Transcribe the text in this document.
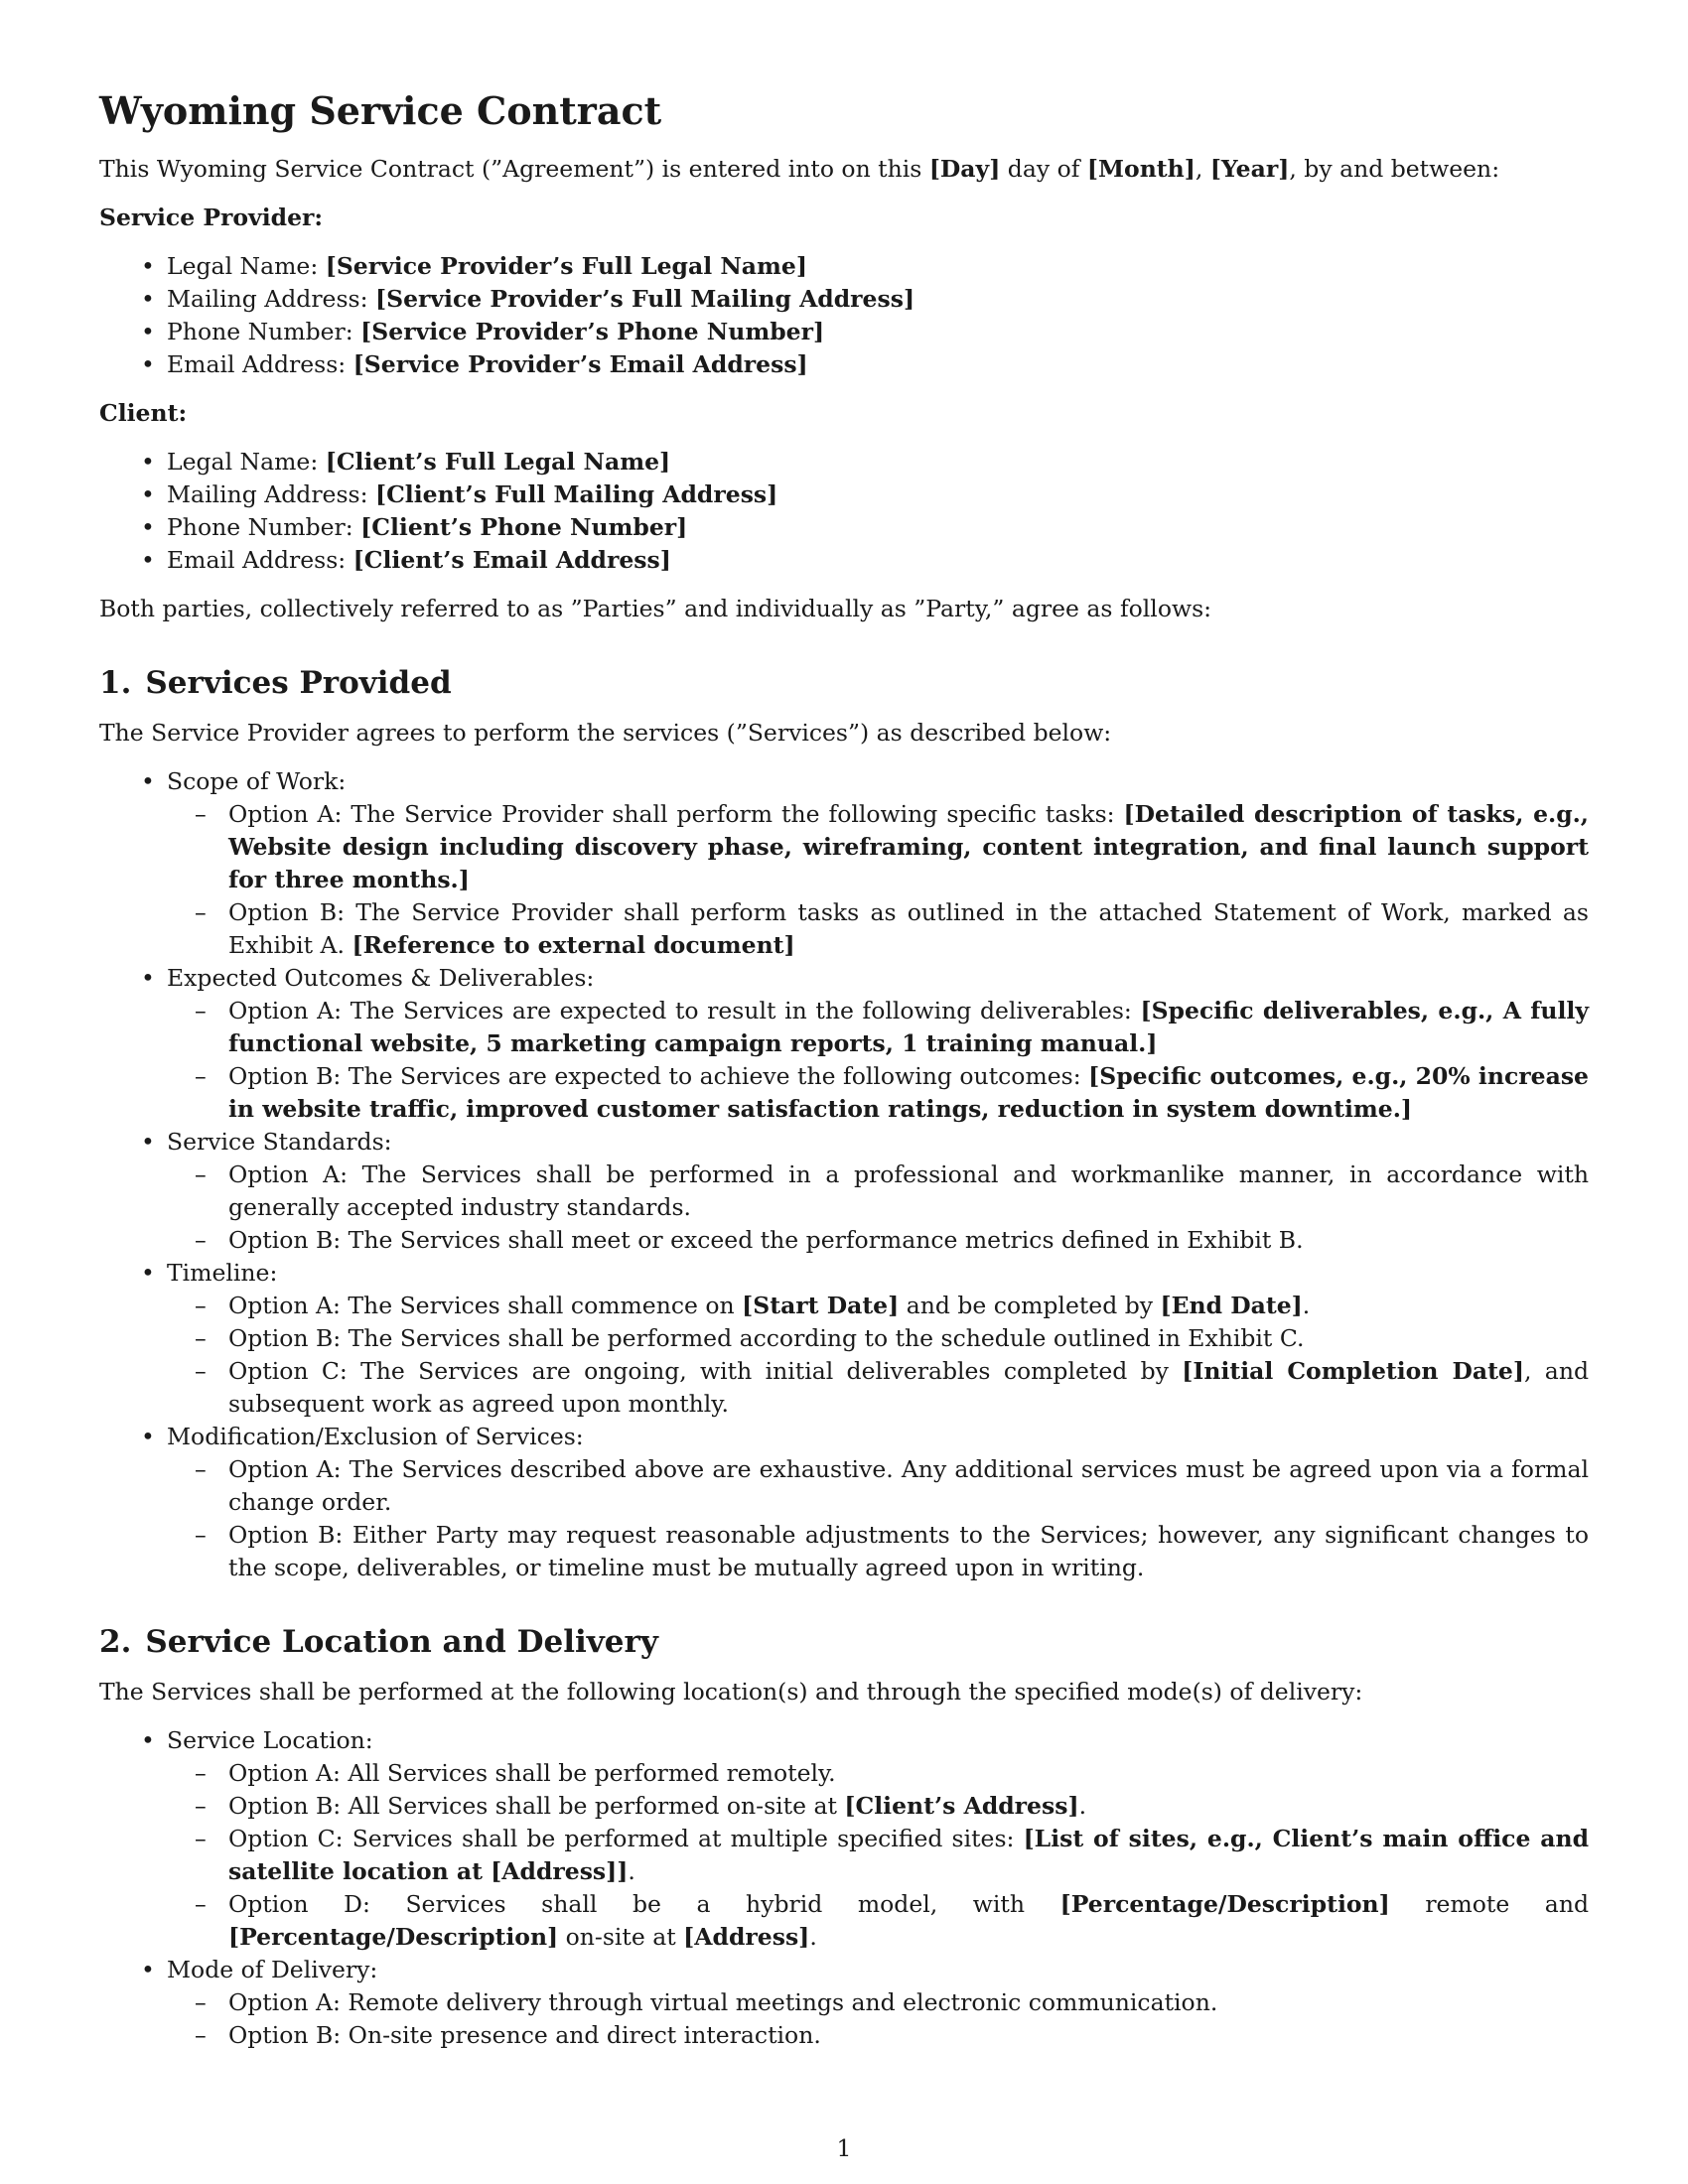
Wyoming Service Contract

This Wyoming Service Contract (”Agreement”) is entered into on this [Day] day of [Month], [Year], by and between:

Service Provider:
• Legal Name: [Service Provider’s Full Legal Name]
• Mailing Address: [Service Provider’s Full Mailing Address]
• Phone Number: [Service Provider’s Phone Number]
• Email Address: [Service Provider’s Email Address]
Client:
• Legal Name: [Client’s Full Legal Name]
• Mailing Address: [Client’s Full Mailing Address]
• Phone Number: [Client’s Phone Number]
• Email Address: [Client’s Email Address]

Both parties, collectively referred to as ”Parties” and individually as ”Party,” agree as follows:

1. Services Provided

The Service Provider agrees to perform the services (”Services”) as described below:

• Scope of Work:
– Option A: The Service Provider shall perform the following specific tasks: [Detailed description of tasks, e.g., Website design including discovery phase, wireframing, content integration, and final launch support for three months.]
– Option B: The Service Provider shall perform tasks as outlined in the attached Statement of Work, marked as Exhibit A. [Reference to external document]
• Expected Outcomes & Deliverables:
– Option A: The Services are expected to result in the following deliverables: [Specific deliverables, e.g., A fully functional website, 5 marketing campaign reports, 1 training manual.]
– Option B: The Services are expected to achieve the following outcomes: [Specific outcomes, e.g., 20% increase in website traffic, improved customer satisfaction ratings, reduction in system downtime.]
• Service Standards:
– Option A: The Services shall be performed in a professional and workmanlike manner, in accordance with generally accepted industry standards.
– Option B: The Services shall meet or exceed the performance metrics defined in Exhibit B.
• Timeline:
– Option A: The Services shall commence on [Start Date] and be completed by [End Date].
– Option B: The Services shall be performed according to the schedule outlined in Exhibit C.
– Option C: The Services are ongoing, with initial deliverables completed by [Initial Completion Date], and subsequent work as agreed upon monthly.
• Modification/Exclusion of Services:
– Option A: The Services described above are exhaustive. Any additional services must be agreed upon via a formal change order.
– Option B: Either Party may request reasonable adjustments to the Services; however, any significant changes to the scope, deliverables, or timeline must be mutually agreed upon in writing.
2. Service Location and Delivery

The Services shall be performed at the following location(s) and through the specified mode(s) of delivery:

• Service Location:
– Option A: All Services shall be performed remotely.
– Option B: All Services shall be performed on-site at [Client’s Address].
– Option C: Services shall be performed at multiple specified sites: [List of sites, e.g., Client’s main office and satellite location at [Address]].
– Option D: Services shall be a hybrid model, with [Percentage/Description] remote and [Percentage/Description] on-site at [Address].
• Mode of Delivery:
– Option A: Remote delivery through virtual meetings and electronic communication.
– Option B: On-site presence and direct interaction.
1
